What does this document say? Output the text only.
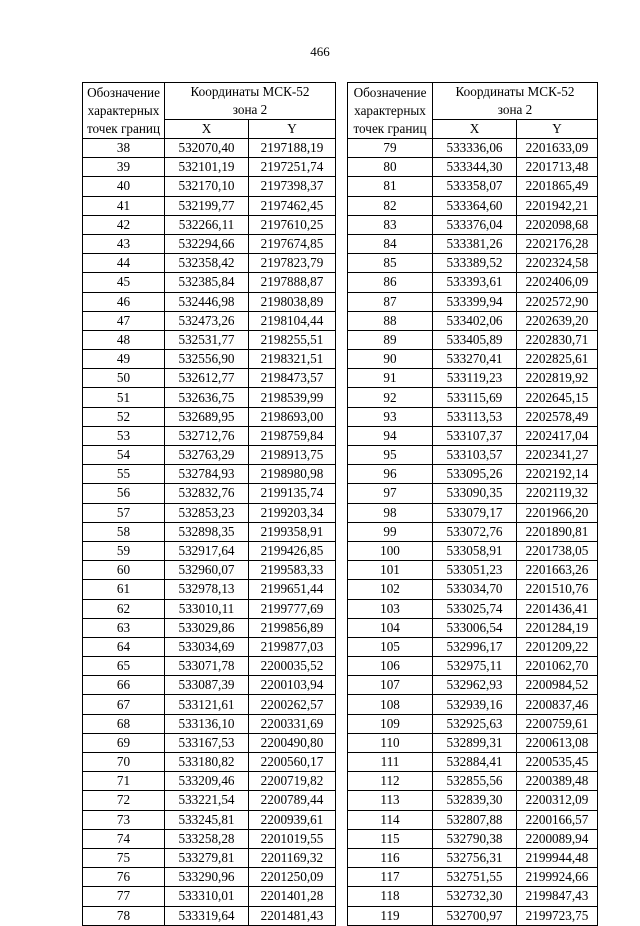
466
Обозначение
характерных
точек границ	Координаты МСК-52	
	зона 2	
	X	Y
38	532070,40	2197188,19
39	532101,19	2197251,74
40	532170,10	2197398,37
41	532199,77	2197462,45
42	532266,11	2197610,25
43	532294,66	2197674,85
44	532358,42	2197823,79
45	532385,84	2197888,87
46	532446,98	2198038,89
47	532473,26	2198104,44
48	532531,77	2198255,51
49	532556,90	2198321,51
50	532612,77	2198473,57
51	532636,75	2198539,99
52	532689,95	2198693,00
53	532712,76	2198759,84
54	532763,29	2198913,75
55	532784,93	2198980,98
56	532832,76	2199135,74
57	532853,23	2199203,34
58	532898,35	2199358,91
59	532917,64	2199426,85
60	532960,07	2199583,33
61	532978,13	2199651,44
62	533010,11	2199777,69
63	533029,86	2199856,89
64	533034,69	2199877,03
65	533071,78	2200035,52
66	533087,39	2200103,94
67	533121,61	2200262,57
68	533136,10	2200331,69
69	533167,53	2200490,80
70	533180,82	2200560,17
71	533209,46	2200719,82
72	533221,54	2200789,44
73	533245,81	2200939,61
74	533258,28	2201019,55
75	533279,81	2201169,32
76	533290,96	2201250,09
77	533310,01	2201401,28
78	533319,64	2201481,43
Обозначение
характерных
точек границ	Координаты МСК-52	
	зона 2	
	X	Y
79	533336,06	2201633,09
80	533344,30	2201713,48
81	533358,07	2201865,49
82	533364,60	2201942,21
83	533376,04	2202098,68
84	533381,26	2202176,28
85	533389,52	2202324,58
86	533393,61	2202406,09
87	533399,94	2202572,90
88	533402,06	2202639,20
89	533405,89	2202830,71
90	533270,41	2202825,61
91	533119,23	2202819,92
92	533115,69	2202645,15
93	533113,53	2202578,49
94	533107,37	2202417,04
95	533103,57	2202341,27
96	533095,26	2202192,14
97	533090,35	2202119,32
98	533079,17	2201966,20
99	533072,76	2201890,81
100	533058,91	2201738,05
101	533051,23	2201663,26
102	533034,70	2201510,76
103	533025,74	2201436,41
104	533006,54	2201284,19
105	532996,17	2201209,22
106	532975,11	2201062,70
107	532962,93	2200984,52
108	532939,16	2200837,46
109	532925,63	2200759,61
110	532899,31	2200613,08
111	532884,41	2200535,45
112	532855,56	2200389,48
113	532839,30	2200312,09
114	532807,88	2200166,57
115	532790,38	2200089,94
116	532756,31	2199944,48
117	532751,55	2199924,66
118	532732,30	2199847,43
119	532700,97	2199723,75
